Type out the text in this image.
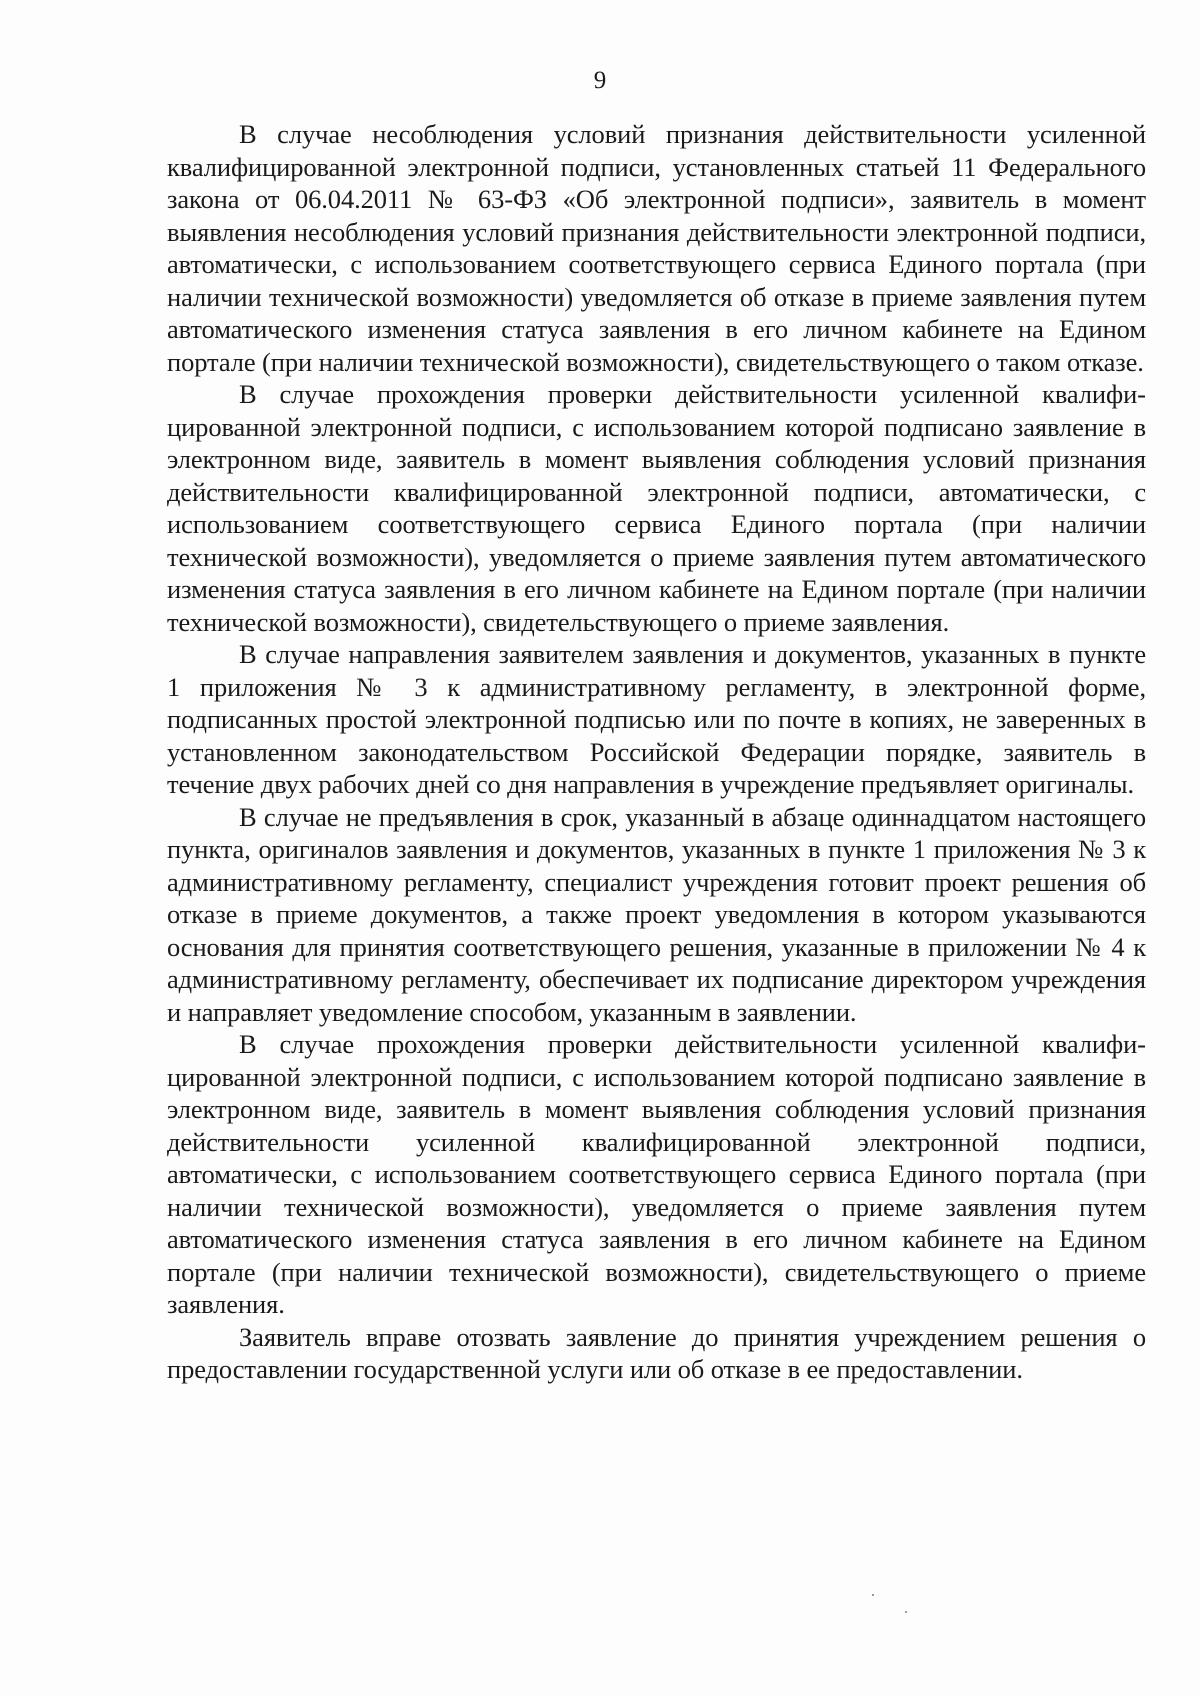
9

В случае несоблюдения условий признания действительности усиленной квалифицированной электронной подписи, установленных статьей 11 Федерального закона от 06.04.2011 № 63-ФЗ «Об электронной подписи», заявитель в момент выявления несоблюдения условий признания действительности электронной подписи, автоматически, с использованием соответствующего сервиса Единого портала (при наличии технической возможности) уведомляется об отказе в приеме заявления путем автоматического изменения статуса заявления в его личном кабинете на Едином портале (при наличии технической возможности), свидетельствующего о таком отказе.

В случае прохождения проверки действительности усиленной квалифицированной электронной подписи, с использованием которой подписано заявление в электронном виде, заявитель в момент выявления соблюдения условий признания действительности квалифицированной электронной подписи, автоматически, с использованием соответствующего сервиса Единого портала (при наличии технической возможности), уведомляется о приеме заявления путем автоматического изменения статуса заявления в его личном кабинете на Едином портале (при наличии технической возможности), свидетельствующего о приеме заявления.

В случае направления заявителем заявления и документов, указанных в пункте 1 приложения № 3 к административному регламенту, в электронной форме, подписанных простой электронной подписью или по почте в копиях, не заверенных в установленном законодательством Российской Федерации порядке, заявитель в течение двух рабочих дней со дня направления в учреждение предъявляет оригиналы.

В случае не предъявления в срок, указанный в абзаце одиннадцатом настоящего пункта, оригиналов заявления и документов, указанных в пункте 1 приложения № 3 к административному регламенту, специалист учреждения готовит проект решения об отказе в приеме документов, а также проект уведомления в котором указываются основания для принятия соответствующего решения, указанные в приложении № 4 к административному регламенту, обеспечивает их подписание директором учреждения и направляет уведомление способом, указанным в заявлении.

В случае прохождения проверки действительности усиленной квалифицированной электронной подписи, с использованием которой подписано заявление в электронном виде, заявитель в момент выявления соблюдения условий признания действительности усиленной квалифицированной электронной подписи, автоматически, с использованием соответствующего сервиса Единого портала (при наличии технической возможности), уведомляется о приеме заявления путем автоматического изменения статуса заявления в его личном кабинете на Едином портале (при наличии технической возможности), свидетельствующего о приеме заявления.

Заявитель вправе отозвать заявление до принятия учреждением решения о предоставлении государственной услуги или об отказе в ее предоставлении.
